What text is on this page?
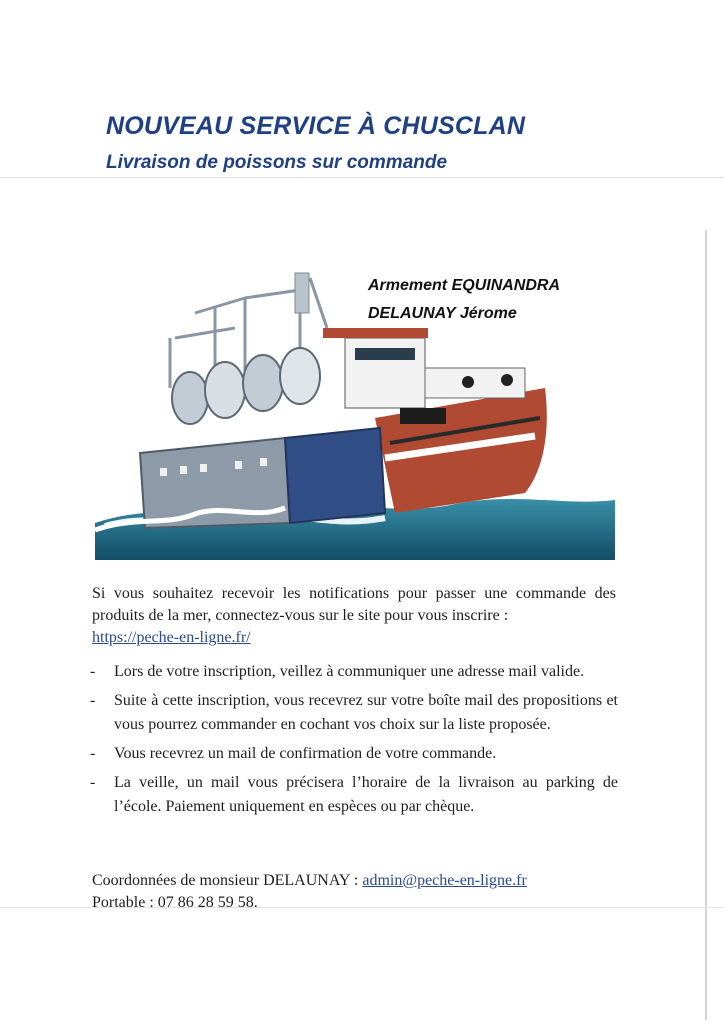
NOUVEAU SERVICE À CHUSCLAN
Livraison de poissons sur commande
Armement EQUINANDRA
DELAUNAY Jérome

Si vous souhaitez recevoir les notifications pour passer une commande des produits de la mer, connectez-vous sur le site pour vous inscrire :
https://peche-en-ligne.fr/

- Lors de votre inscription, veillez à communiquer une adresse mail valide.
- Suite à cette inscription, vous recevrez sur votre boîte mail des propositions et vous pourrez commander en cochant vos choix sur la liste proposée.
- Vous recevrez un mail de confirmation de votre commande.
- La veille, un mail vous précisera l’horaire de la livraison au parking de l’école. Paiement uniquement en espèces ou par chèque.

Coordonnées de monsieur DELAUNAY : admin@peche-en-ligne.fr
Portable : 07 86 28 59 58.
